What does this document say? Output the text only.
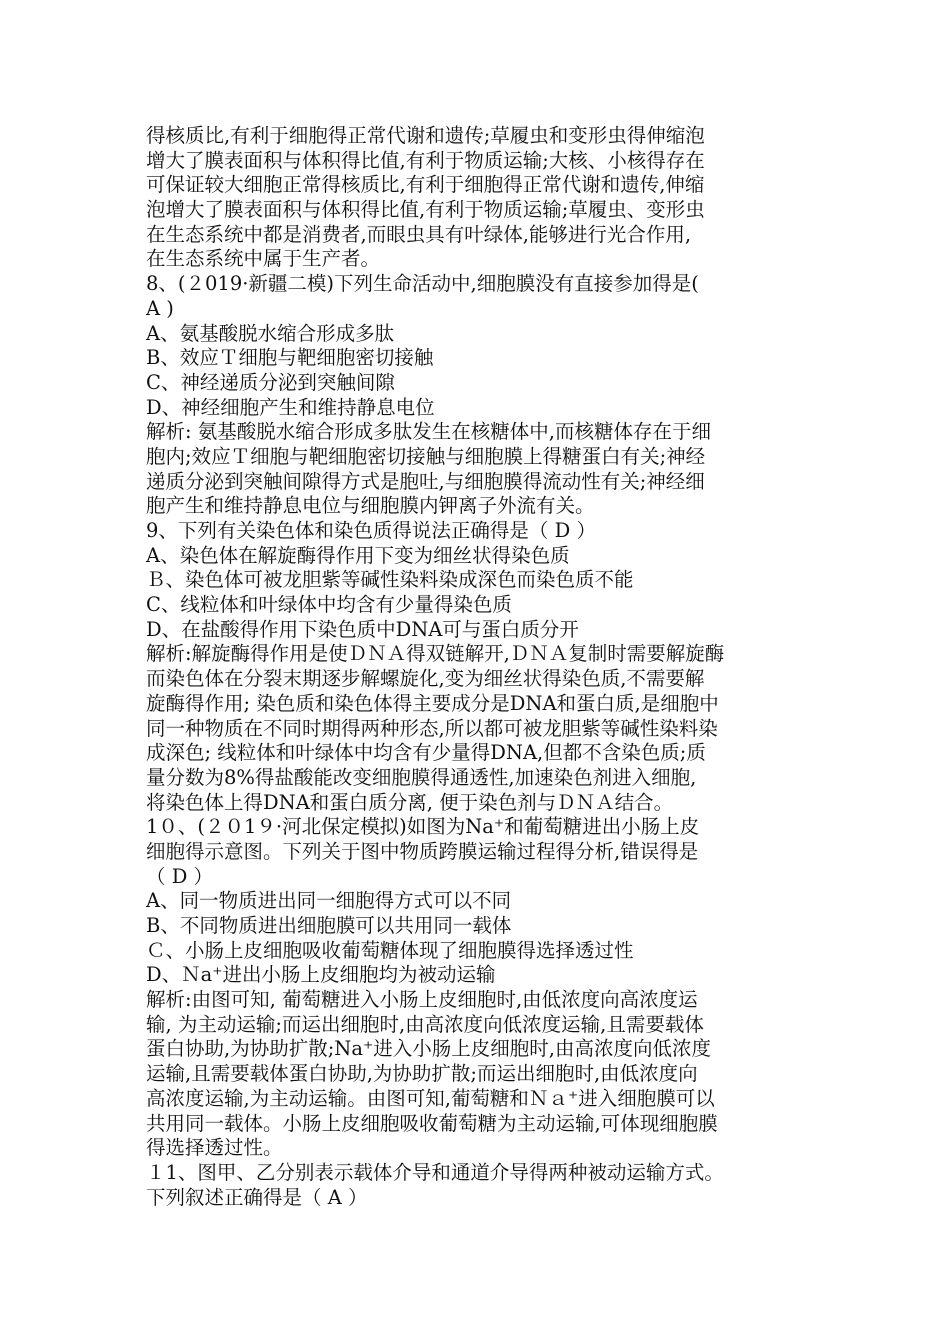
得核质比,有利于细胞得正常代谢和遗传;草履虫和变形虫得伸缩泡
增大了膜表面积与体积得比值,有利于物质运输;大核、小核得存在
可保证较大细胞正常得核质比,有利于细胞得正常代谢和遗传,伸缩
泡增大了膜表面积与体积得比值,有利于物质运输;草履虫、变形虫
在生态系统中都是消费者,而眼虫具有叶绿体,能够进行光合作用,
在生态系统中属于生产者。
8、(２019·新疆二模)下列生命活动中,细胞膜没有直接参加得是(
A )
A、氨基酸脱水缩合形成多肽
B、效应Ｔ细胞与靶细胞密切接触
C、神经递质分泌到突触间隙
D、神经细胞产生和维持静息电位
解析: 氨基酸脱水缩合形成多肽发生在核糖体中,而核糖体存在于细
胞内;效应Ｔ细胞与靶细胞密切接触与细胞膜上得糖蛋白有关;神经
递质分泌到突触间隙得方式是胞吐,与细胞膜得流动性有关;神经细
胞产生和维持静息电位与细胞膜内钾离子外流有关。
9、下列有关染色体和染色质得说法正确得是（ D ）
A、染色体在解旋酶得作用下变为细丝状得染色质
Ｂ、染色体可被龙胆紫等碱性染料染成深色而染色质不能
C、线粒体和叶绿体中均含有少量得染色质
D、在盐酸得作用下染色质中DNA可与蛋白质分开
解析:解旋酶得作用是使ＤＮＡ得双链解开,ＤＮＡ复制时需要解旋酶
而染色体在分裂末期逐步解螺旋化,变为细丝状得染色质,不需要解
旋酶得作用; 染色质和染色体得主要成分是DNA和蛋白质,是细胞中
同一种物质在不同时期得两种形态,所以都可被龙胆紫等碱性染料染
成深色; 线粒体和叶绿体中均含有少量得DNA,但都不含染色质;质
量分数为8%得盐酸能改变细胞膜得通透性,加速染色剂进入细胞,
将染色体上得DNA和蛋白质分离, 便于染色剂与ＤＮＡ结合。
1０、(２０1９·河北保定模拟)如图为Na⁺和葡萄糖进出小肠上皮
细胞得示意图。下列关于图中物质跨膜运输过程得分析,错误得是
（ D ）
A、同一物质进出同一细胞得方式可以不同
B、不同物质进出细胞膜可以共用同一载体
Ｃ、小肠上皮细胞吸收葡萄糖体现了细胞膜得选择透过性
D、Ｎa⁺进出小肠上皮细胞均为被动运输
解析:由图可知, 葡萄糖进入小肠上皮细胞时,由低浓度向高浓度运
输, 为主动运输;而运出细胞时,由高浓度向低浓度运输,且需要载体
蛋白协助,为协助扩散;Na⁺进入小肠上皮细胞时,由高浓度向低浓度
运输,且需要载体蛋白协助,为协助扩散;而运出细胞时,由低浓度向
高浓度运输,为主动运输。由图可知,葡萄糖和Ｎａ⁺进入细胞膜可以
共用同一载体。小肠上皮细胞吸收葡萄糖为主动运输,可体现细胞膜
得选择透过性。
１1、图甲、乙分别表示载体介导和通道介导得两种被动运输方式。
下列叙述正确得是（ A ）
